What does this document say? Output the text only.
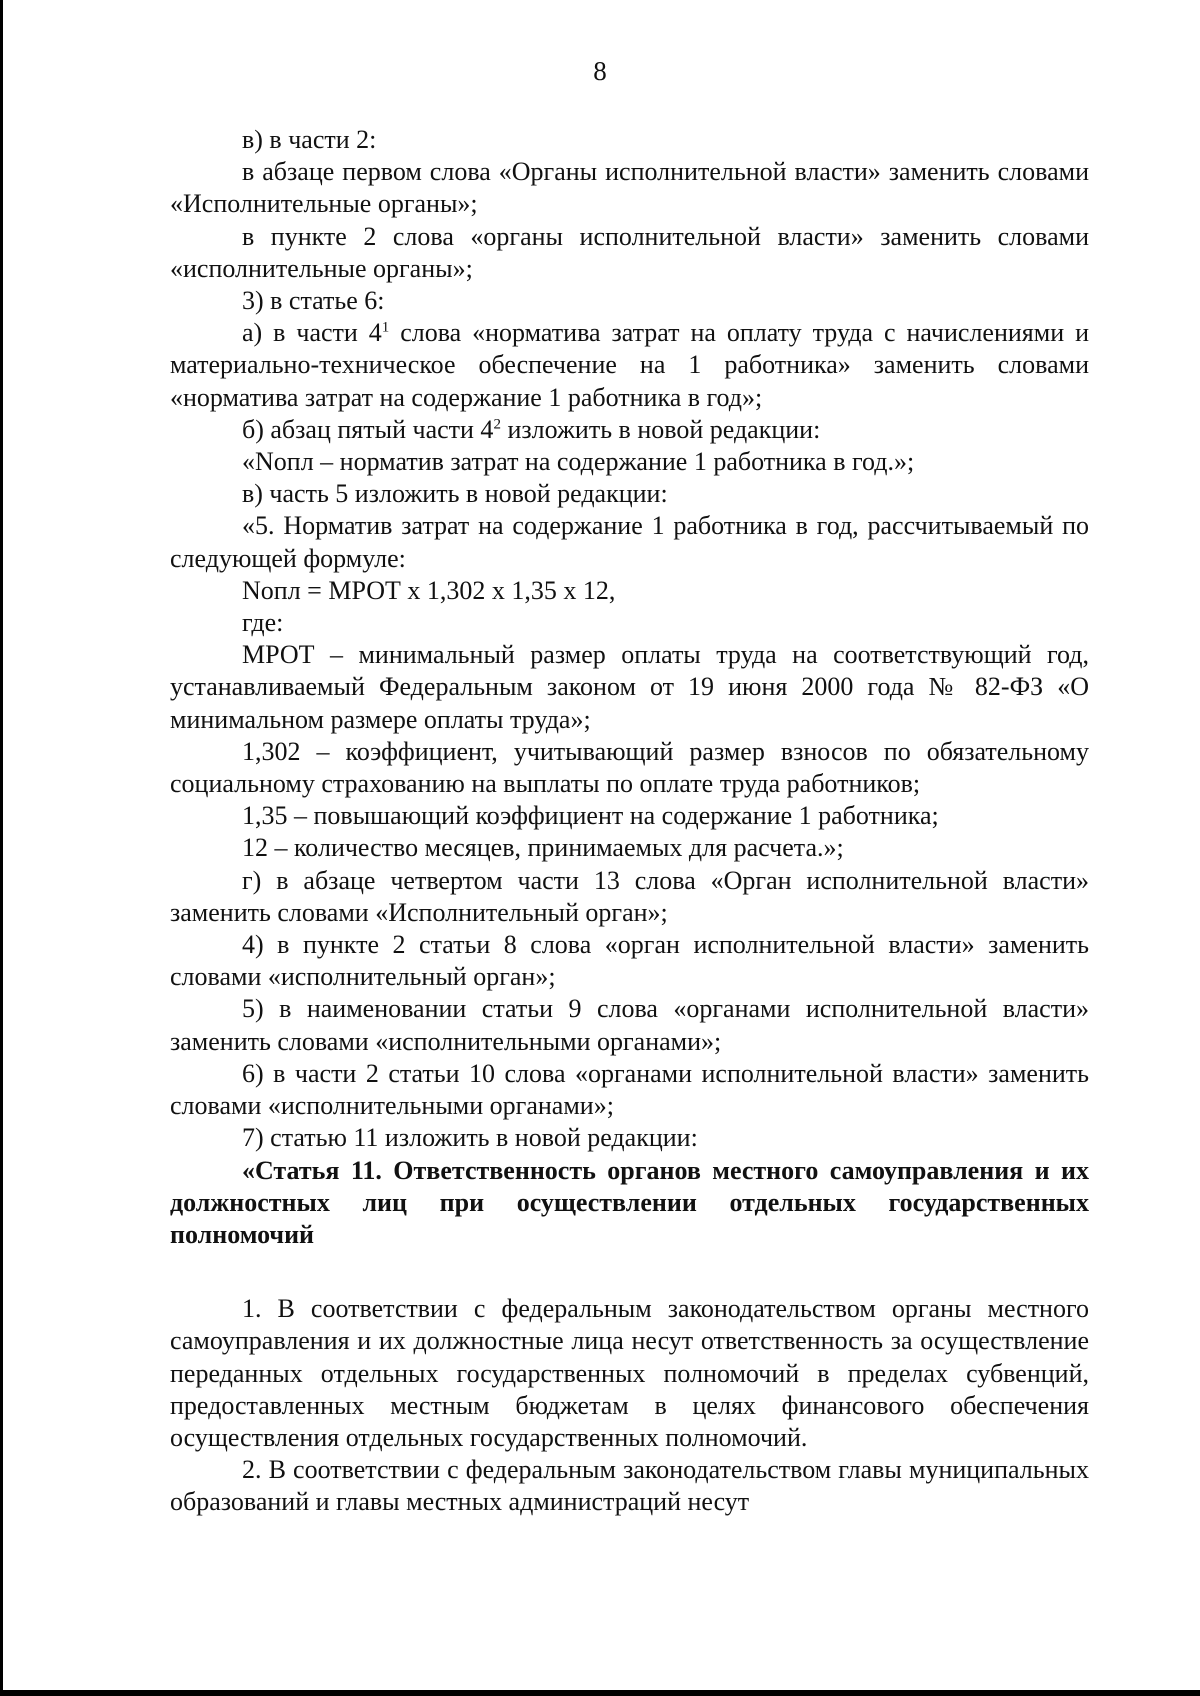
8

в) в части 2:

в абзаце первом слова «Органы исполнительной власти» заменить словами «Исполнительные органы»;

в пункте 2 слова «органы исполнительной власти» заменить словами «исполнительные органы»;

3) в статье 6:

а) в части $4^1$ слова «норматива затрат на оплату труда с начислениями и материально-техническое обеспечение на 1 работника» заменить словами «норматива затрат на содержание 1 работника в год»;

б) абзац пятый части $4^2$ изложить в новой редакции:

«Nопл – норматив затрат на содержание 1 работника в год.»;

в) часть 5 изложить в новой редакции:

«5. Норматив затрат на содержание 1 работника в год, рассчитываемый по следующей формуле:

Nопл = МРОТ х 1,302 х 1,35 х 12,

где:

МРОТ – минимальный размер оплаты труда на соответствующий год, устанавливаемый Федеральным законом от 19 июня 2000 года № 82-ФЗ «О минимальном размере оплаты труда»;

1,302 – коэффициент, учитывающий размер взносов по обязательному социальному страхованию на выплаты по оплате труда работников;

1,35 – повышающий коэффициент на содержание 1 работника;

12 – количество месяцев, принимаемых для расчета.»;

г) в абзаце четвертом части 13 слова «Орган исполнительной власти» заменить словами «Исполнительный орган»;

4) в пункте 2 статьи 8 слова «орган исполнительной власти» заменить словами «исполнительный орган»;

5) в наименовании статьи 9 слова «органами исполнительной власти» заменить словами «исполнительными органами»;

6) в части 2 статьи 10 слова «органами исполнительной власти» заменить словами «исполнительными органами»;

7) статью 11 изложить в новой редакции:

«Статья 11. Ответственность органов местного самоуправления и их должностных лиц при осуществлении отдельных государственных полномочий

1. В соответствии с федеральным законодательством органы местного самоуправления и их должностные лица несут ответственность за осуществление переданных отдельных государственных полномочий в пределах субвенций, предоставленных местным бюджетам в целях финансового обеспечения осуществления отдельных государственных полномочий.

2. В соответствии с федеральным законодательством главы муниципальных образований и главы местных администраций несут
